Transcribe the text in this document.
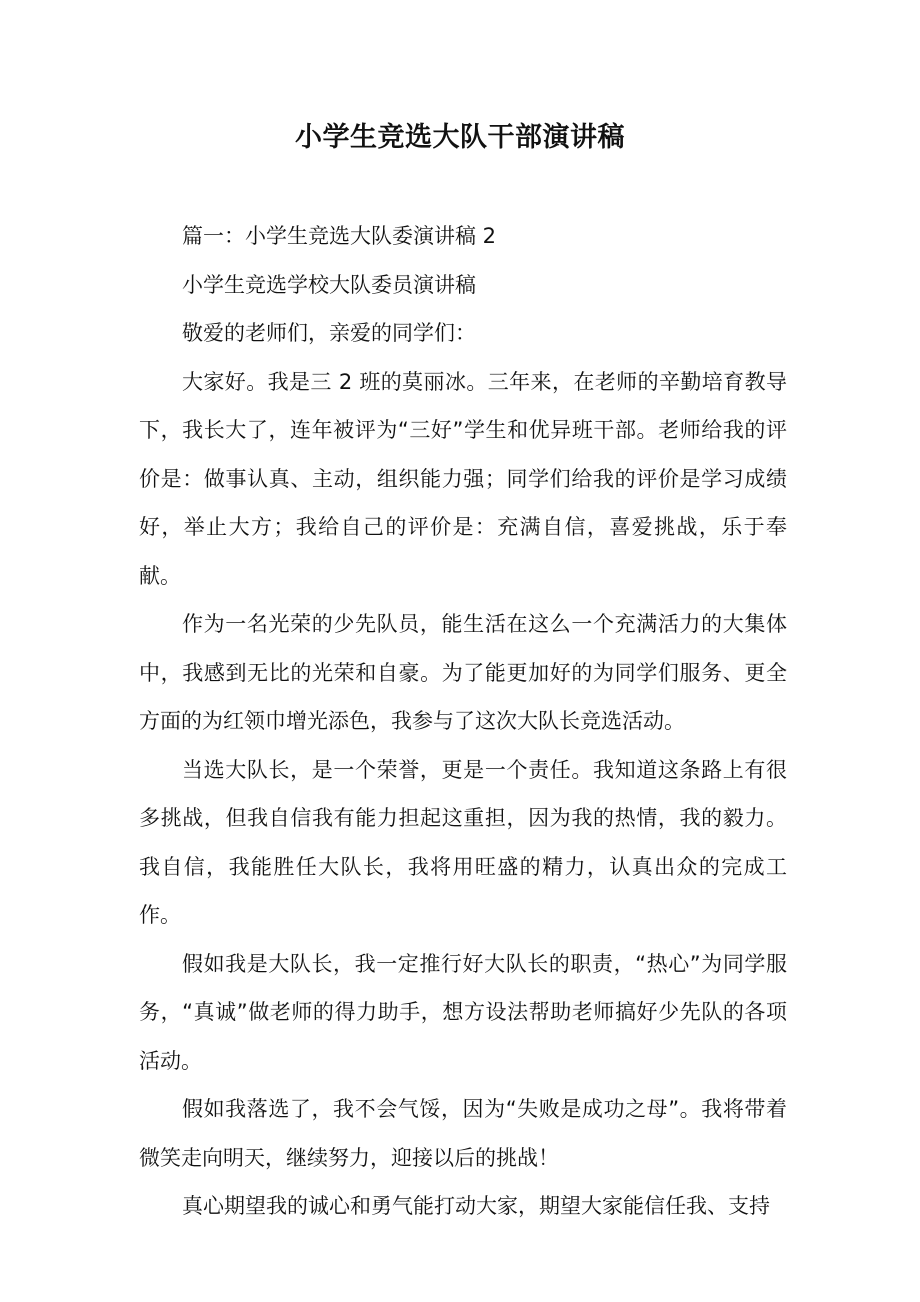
小学生竞选大队干部演讲稿

篇一：小学生竞选大队委演讲稿 2

小学生竞选学校大队委员演讲稿

敬爱的老师们，亲爱的同学们：

大家好。我是三 2 班的莫丽冰。三年来，在老师的辛勤培育教导下，我长大了，连年被评为“三好”学生和优异班干部。老师给我的评价是：做事认真、主动，组织能力强；同学们给我的评价是学习成绩好，举止大方；我给自己的评价是：充满自信，喜爱挑战，乐于奉献。

作为一名光荣的少先队员，能生活在这么一个充满活力的大集体中，我感到无比的光荣和自豪。为了能更加好的为同学们服务、更全方面的为红领巾增光添色，我参与了这次大队长竞选活动。

当选大队长，是一个荣誉，更是一个责任。我知道这条路上有很多挑战，但我自信我有能力担起这重担，因为我的热情，我的毅力。我自信，我能胜任大队长，我将用旺盛的精力，认真出众的完成工作。

假如我是大队长，我一定推行好大队长的职责，“热心”为同学服务，“真诚”做老师的得力助手，想方设法帮助老师搞好少先队的各项活动。

假如我落选了，我不会气馁，因为“失败是成功之母”。我将带着微笑走向明天，继续努力，迎接以后的挑战！

真心期望我的诚心和勇气能打动大家，期望大家能信任我、支持
